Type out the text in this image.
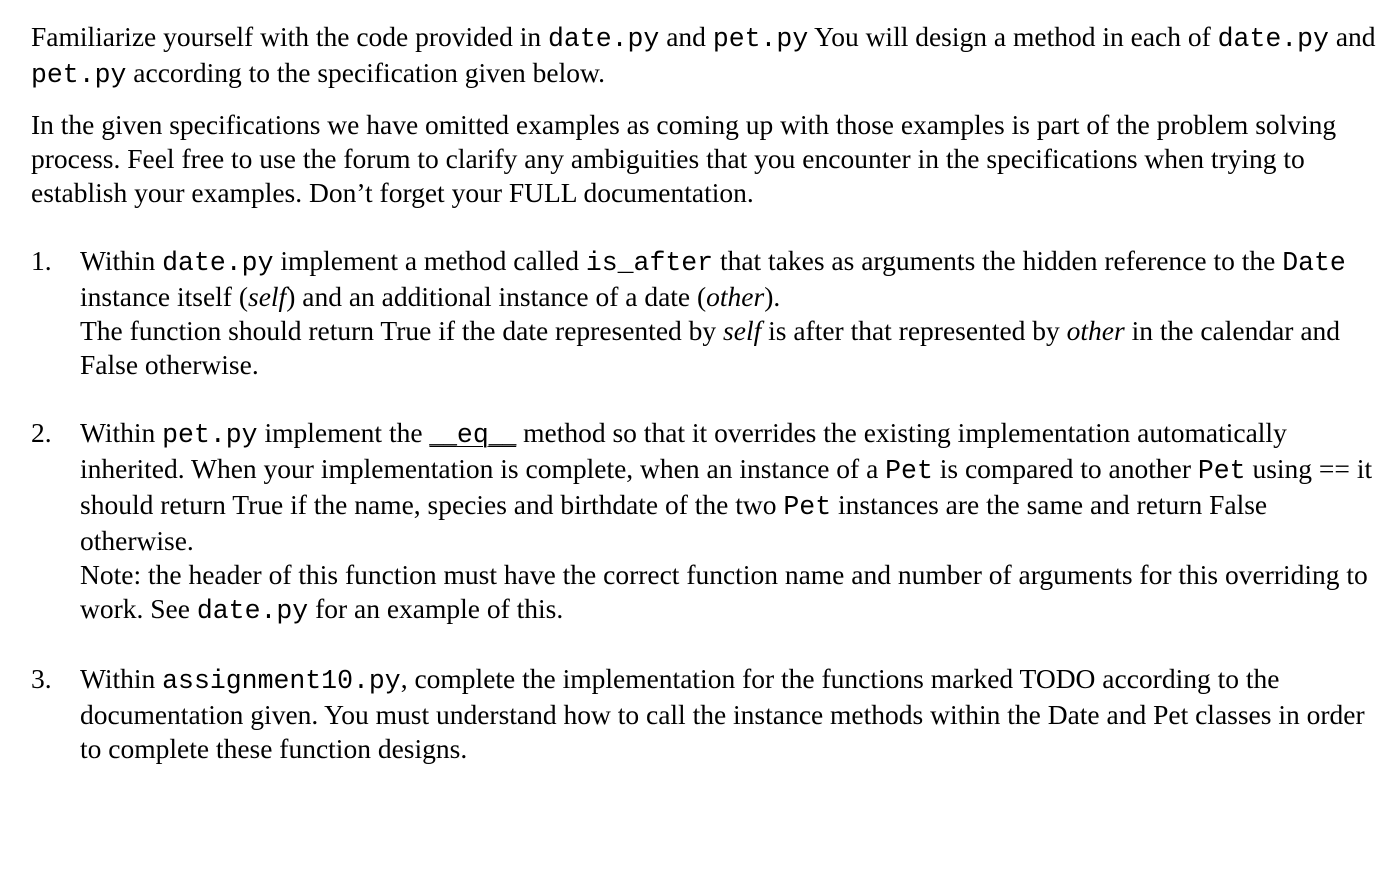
Familiarize yourself with the code provided in date.py and pet.py You will design a method in each of date.py and pet.py according to the specification given below.

In the given specifications we have omitted examples as coming up with those examples is part of the problem solving process. Feel free to use the forum to clarify any ambiguities that you encounter in the specifications when trying to establish your examples. Don’t forget your FULL documentation.

1. Within date.py implement a method called is_after that takes as arguments the hidden reference to the Date instance itself (self) and an additional instance of a date (other).
The function should return True if the date represented by self is after that represented by other in the calendar and False otherwise.
2. Within pet.py implement the __eq__ method so that it overrides the existing implementation automatically inherited. When your implementation is complete, when an instance of a Pet is compared to another Pet using == it should return True if the name, species and birthdate of the two Pet instances are the same and return False otherwise.
Note: the header of this function must have the correct function name and number of arguments for this overriding to work. See date.py for an example of this.
3. Within assignment10.py, complete the implementation for the functions marked TODO according to the documentation given. You must understand how to call the instance methods within the Date and Pet classes in order to complete these function designs.
